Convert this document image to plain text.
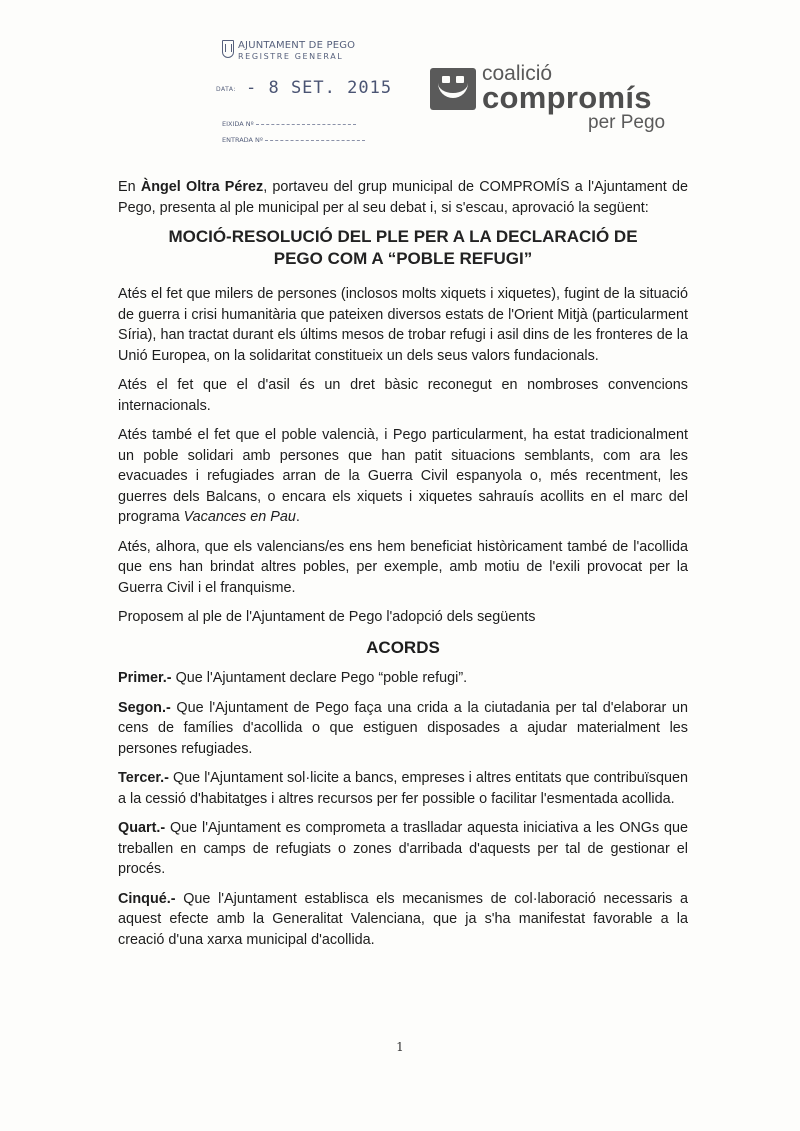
AJUNTAMENT DE PEGO
REGISTRE GENERAL
DATA: - 8 SET. 2015
EIXIDA Nº
ENTRADA Nº
coalició
compromís
per Pego

En Àngel Oltra Pérez, portaveu del grup municipal de COMPROMÍS a l'Ajuntament de Pego, presenta al ple municipal per al seu debat i, si s'escau, aprovació la següent:

MOCIÓ-RESOLUCIÓ DEL PLE PER A LA DECLARACIÓ DE
PEGO COM A “POBLE REFUGI”

Atés el fet que milers de persones (inclosos molts xiquets i xiquetes), fugint de la situació de guerra i crisi humanitària que pateixen diversos estats de l'Orient Mitjà (particularment Síria), han tractat durant els últims mesos de trobar refugi i asil dins de les fronteres de la Unió Europea, on la solidaritat constitueix un dels seus valors fundacionals.

Atés el fet que el d'asil és un dret bàsic reconegut en nombroses convencions internacionals.

Atés també el fet que el poble valencià, i Pego particularment, ha estat tradicionalment un poble solidari amb persones que han patit situacions semblants, com ara les evacuades i refugiades arran de la Guerra Civil espanyola o, més recentment, les guerres dels Balcans, o encara els xiquets i xiquetes sahrauís acollits en el marc del programa Vacances en Pau.

Atés, alhora, que els valencians/es ens hem beneficiat històricament també de l'acollida que ens han brindat altres pobles, per exemple, amb motiu de l'exili provocat per la Guerra Civil i el franquisme.

Proposem al ple de l'Ajuntament de Pego l'adopció dels següents

ACORDS

Primer.- Que l'Ajuntament declare Pego “poble refugi”.

Segon.- Que l'Ajuntament de Pego faça una crida a la ciutadania per tal d'elaborar un cens de famílies d'acollida o que estiguen disposades a ajudar materialment les persones refugiades.

Tercer.- Que l'Ajuntament sol·licite a bancs, empreses i altres entitats que contribuïsquen a la cessió d'habitatges i altres recursos per fer possible o facilitar l'esmentada acollida.

Quart.- Que l'Ajuntament es comprometa a traslladar aquesta iniciativa a les ONGs que treballen en camps de refugiats o zones d'arribada d'aquests per tal de gestionar el procés.

Cinqué.- Que l'Ajuntament establisca els mecanismes de col·laboració necessaris a aquest efecte amb la Generalitat Valenciana, que ja s'ha manifestat favorable a la creació d'una xarxa municipal d'acollida.

1
